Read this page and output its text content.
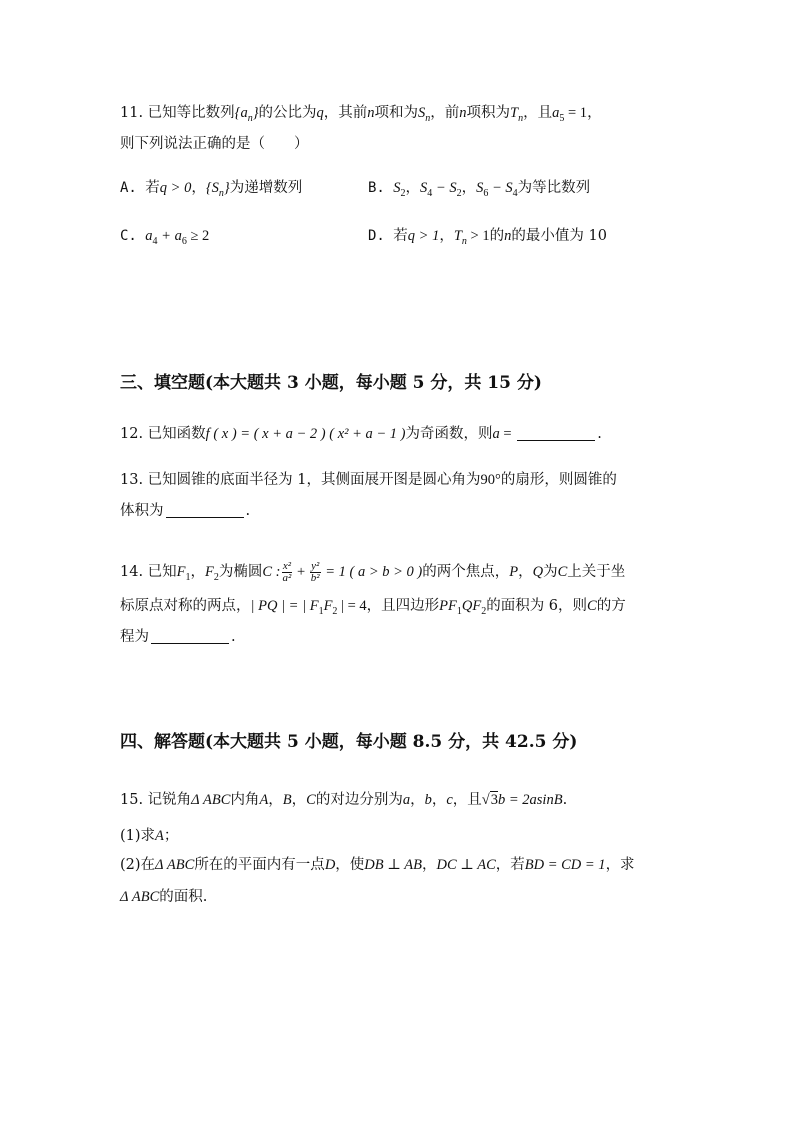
11. 已知等比数列$\{a_n\}$的公比为q，其前n项和为$S_n$，前n项积为$T_n$，且$a_5 = 1$，
则下列说法正确的是（　　）
A. 若q > 0，$\{S_n\}$为递增数列	B. $S_2$，$S_4 - S_2$，$S_6 - S_4$为等比数列
C. $a_4 + a_6 \ge 2$	D. 若q > 1，$T_n > 1$的n的最小值为 10
三、填空题(本大题共 3 小题，每小题 5 分，共 15 分)
12. 已知函数f ( x ) = ( x + a − 2 ) ( x² + a − 1 )为奇函数，则a =	.
13. 已知圆锥的底面半径为 1，其侧面展开图是圆心角为90°的扇形，则圆锥的
体积为	.
14. 已知$F_1$，$F_2$为椭圆C : $\frac{\text{x²}}{\text{a²}} + \frac{\text{y²}}{\text{b²}} = 1$ ( a > b > 0 )的两个焦点，P，Q为C上关于坐
标原点对称的两点，| PQ | = | $F_1F_2$ | = 4，且四边形$PF_1QF_2$的面积为 6，则C的方
程为	.
四、解答题(本大题共 5 小题，每小题 8.5 分，共 42.5 分)
15. 记锐角Δ ABC内角A，B，C的对边分别为a，b，c，且√3b = 2asinB.
(1)求A；
(2)在Δ ABC所在的平面内有一点D，使DB ⊥ AB，DC ⊥ AC，若BD = CD = 1，求
Δ ABC的面积.
